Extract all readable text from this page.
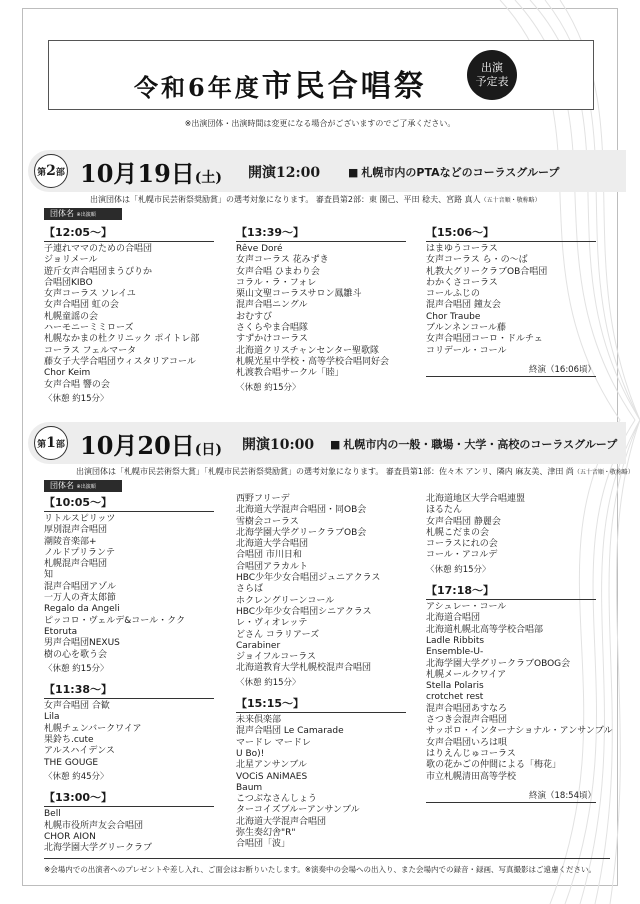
令和6年度市民合唱祭
出演
予定表
※出演団体・出演時間は変更になる場合がございますのでご了承ください。
第 2 部 10月19日(土) 開演12:00	■ 札幌市内のPTAなどのコーラスグループ
出演団体は「札幌市民芸術祭奨励賞」の選考対象になります。 審査員第2部：東 園己、平田 稔夫、宮路 真人（五十音順・敬称略）
団体名 ※出演順
【12:05〜】
子連れママのための合唱団
ジョリメール
遊斤女声合唱団まうぴりか
合唱団KIBO
女声コーラス ソレイユ
女声合唱団 虹の会
札幌童謡の会
ハーモニーミミローズ
札幌なかまの杜クリニック ポイトレ部
コーラス フェルマータ
藤女子大学合唱団ウィスタリアコール
Chor Keim
女声合唱 響の会
〈休憩 約15分〉
【13:39〜】
Rêve Doré
女声コーラス 花みずき
女声合唱 ひまわり会
コラル・ラ・フォレ
栗山文聖コーラスサロン鳳雛斗
混声合唱ニングル
おむすび
さくらやま合唱隊
すずかけコーラス
北海道クリスチャンセンター聖歌隊
札幌光星中学校・高等学校合唱同好会
札渡教合唱サークル「睦」
〈休憩 約15分〉
【15:06〜】
はまゆうコーラス
女声コーラス ら・の～ば
札教大グリークラブOB合唱団
わかくさコーラス
コールふじの
混声合唱団 鐘友会
Chor Traube
ブルンネンコール藤
女声合唱団コーロ・ドルチェ
コリデール・コール
終演（16:06頃）
第 1 部 10月20日(日) 開演10:00	■ 札幌市内の一般・職場・大学・高校のコーラスグループ
出演団体は「札幌市民芸術祭大賞」「札幌市民芸術祭奨励賞」の選考対象になります。 審査員第1部：佐々木 アンリ、隣内 麻友美、津田 尚（五十音順・敬称略）
団体名 ※出演順
【10:05〜】
リトルスピリッツ
厚別混声合唱団
潮陵音楽部+
ノルドプリランテ
札幌混声合唱団
知
混声合唱団アゾル
一万人の斉太郎節
Regalo da Angeli
ピッコロ・ヴェルデ&コール・クク
Etoruta
男声合唱団NEXUS
樹の心を歌う会
〈休憩 約15分〉
【11:38〜】
女声合唱団 合歓
Lila
札幌チェンバークワイア
果鈴ち.cute
アルスハイデンス
THE GOUGE
〈休憩 約45分〉
【13:00〜】
Bell
札幌市役所声友会合唱団
CHOR AION
北海学園大学グリークラブ
西野フリーデ
北海道大学混声合唱団・同OB会
雪樹会コーラス
北海学園大学グリークラブOB会
北海道大学合唱団
合唱団 市川日和
合唱団アラカルト
HBC少年少女合唱団ジュニアクラス
さらば
ホクレングリーンコール
HBC少年少女合唱団シニアクラス
レ・ヴィオレッテ
どさん コラリアーズ
Carabiner
ジョイフルコーラス
北海道教育大学札幌校混声合唱団
〈休憩 約15分〉
【15:15〜】
未来倶楽部
混声合唱団 Le Camarade
マードレ マードレ
U Bo)!
北星アンサンブル
VOCiS ANiMAES
Baum
こつぶなさんしょう
ターコイズブルーアンサンブル
北海道大学混声合唱団
弥生奏幻舎"R"
合唱団「波」
北海道地区大学合唱連盟
ほるたん
女声合唱団 静麗会
札幌こだまの会
コーラスにれの会
コール・アコルデ
〈休憩 約15分〉
【17:18〜】
アシュレー・コール
北海道合唱団
北海道札幌北高等学校合唱部
Ladle Ribbits
Ensemble-U-
北海学園大学グリークラブOBOG会
札幌メールクワイア
Stella Polaris
crotchet rest
混声合唱団あすなろ
さつき会混声合唱団
サッポロ・インターナショナル・アンサンブル
女声合唱団いろは唄
はりえんじゅコーラス
歌の花かごの仲間による「梅花」
市立札幌清田高等学校
終演（18:54頃）
※会場内での出演者へのプレゼントや差し入れ、ご面会はお断りいたします。※演奏中の会場への出入り、また会場内での録音・録画、写真撮影はご遠慮ください。
